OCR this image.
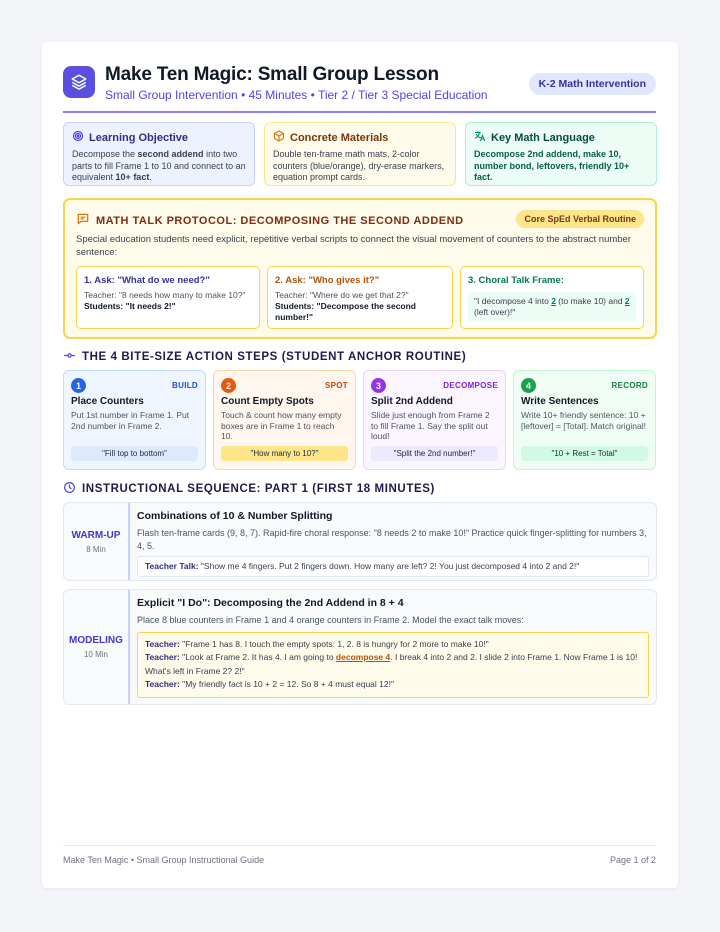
Make Ten Magic: Small Group Lesson
Small Group Intervention • 45 Minutes • Tier 2 / Tier 3 Special Education
K-2 Math Intervention
Learning Objective
Decompose the second addend into two parts to fill Frame 1 to 10 and connect to an equivalent 10+ fact.
Concrete Materials
Double ten-frame math mats, 2-color counters (blue/orange), dry-erase markers, equation prompt cards.
Key Math Language
Decompose 2nd addend, make 10, number bond, leftovers, friendly 10+ fact.
MATH TALK PROTOCOL: DECOMPOSING THE SECOND ADDEND	Core SpEd Verbal Routine
Special education students need explicit, repetitive verbal scripts to connect the visual movement of counters to the abstract number sentence:
1. Ask: "What do we need?"
Teacher: "8 needs how many to make 10?"
Students: "It needs 2!"
2. Ask: "Who gives it?"
Teacher: "Where do we get that 2?"
Students: "Decompose the second number!"
3. Choral Talk Frame:
"I decompose 4 into 2 (to make 10) and 2 (left over)!"
THE 4 BITE-SIZE ACTION STEPS (STUDENT ANCHOR ROUTINE)
1	BUILD
Place Counters
Put 1st number in Frame 1. Put 2nd number in Frame 2.
"Fill top to bottom"
2	SPOT
Count Empty Spots
Touch & count how many empty boxes are in Frame 1 to reach 10.
"How many to 10?"
3	DECOMPOSE
Split 2nd Addend
Slide just enough from Frame 2 to fill Frame 1. Say the split out loud!
"Split the 2nd number!"
4	RECORD
Write Sentences
Write 10+ friendly sentence: 10 + [leftover] = [Total]. Match original!
"10 + Rest = Total"
INSTRUCTIONAL SEQUENCE: PART 1 (FIRST 18 MINUTES)
WARM-UP
8 Min
Combinations of 10 & Number Splitting
Flash ten-frame cards (9, 8, 7). Rapid-fire choral response: "8 needs 2 to make 10!" Practice quick finger-splitting for numbers 3, 4, 5.
Teacher Talk: "Show me 4 fingers. Put 2 fingers down. How many are left? 2! You just decomposed 4 into 2 and 2!"
MODELING
10 Min
Explicit "I Do": Decomposing the 2nd Addend in 8 + 4
Place 8 blue counters in Frame 1 and 4 orange counters in Frame 2. Model the exact talk moves:
Teacher: "Frame 1 has 8. I touch the empty spots: 1, 2. 8 is hungry for 2 more to make 10!"
Teacher: "Look at Frame 2. It has 4. I am going to decompose 4. I break 4 into 2 and 2. I slide 2 into Frame 1. Now Frame 1 is 10! What's left in Frame 2? 2!"
Teacher: "My friendly fact is 10 + 2 = 12. So 8 + 4 must equal 12!"
Make Ten Magic • Small Group Instructional Guide	Page 1 of 2
